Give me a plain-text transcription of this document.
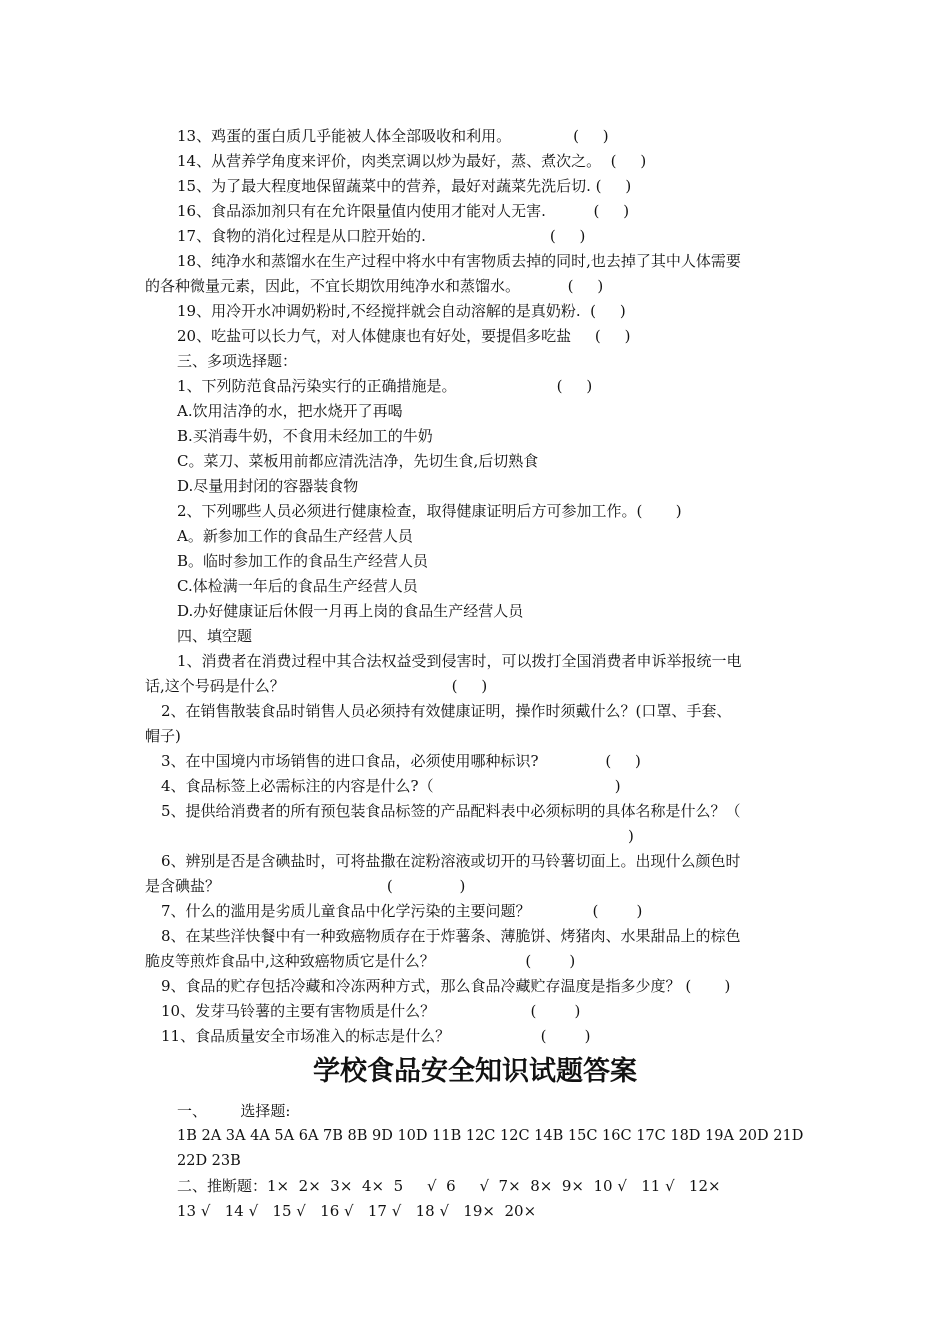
13、鸡蛋的蛋白质几乎能被人体全部吸收和利用。             (     )
14、从营养学角度来评价，肉类烹调以炒为最好，蒸、煮次之。  (     )
15、为了最大程度地保留蔬菜中的营养，最好对蔬菜先洗后切. (     )
16、食品添加剂只有在允许限量值内使用才能对人无害.          (     )
17、食物的消化过程是从口腔开始的.                          (     )
18、纯净水和蒸馏水在生产过程中将水中有害物质去掉的同时,也去掉了其中人体需要
的各种微量元素，因此，不宜长期饮用纯净水和蒸馏水。          (     )
19、用冷开水冲调奶粉时,不经搅拌就会自动溶解的是真奶粉.  (     )
20、吃盐可以长力气，对人体健康也有好处，要提倡多吃盐     (     )
三、多项选择题：
1、下列防范食品污染实行的正确措施是。                     (     )
A.饮用洁净的水，把水烧开了再喝
B.买消毒牛奶，不食用未经加工的牛奶
C。菜刀、菜板用前都应清洗洁净，先切生食,后切熟食
D.尽量用封闭的容器装食物
2、下列哪些人员必须进行健康检查，取得健康证明后方可参加工作。(       )
A。新参加工作的食品生产经营人员
B。临时参加工作的食品生产经营人员
C.体检满一年后的食品生产经营人员
D.办好健康证后休假一月再上岗的食品生产经营人员
四、填空题
1、消费者在消费过程中其合法权益受到侵害时，可以拨打全国消费者申诉举报统一电
话,这个号码是什么？                                   (     )
2、在销售散装食品时销售人员必须持有效健康证明，操作时须戴什么？(口罩、手套、
帽子)
3、在中国境内市场销售的进口食品，必须使用哪种标识?              (     )
4、食品标签上必需标注的内容是什么?（                                      )
5、提供给消费者的所有预包装食品标签的产品配料表中必须标明的具体名称是什么？（
)
6、辨别是否是含碘盐时，可将盐撒在淀粉溶液或切开的马铃薯切面上。出现什么颜色时
是含碘盐？                                   (              )
7、什么的滥用是劣质儿童食品中化学污染的主要问题？             (        )
8、在某些洋快餐中有一种致癌物质存在于炸薯条、薄脆饼、烤猪肉、水果甜品上的棕色
脆皮等煎炸食品中,这种致癌物质它是什么？                   (        )
9、食品的贮存包括冷藏和冷冻两种方式，那么食品冷藏贮存温度是指多少度？ (       )
10、发芽马铃薯的主要有害物质是什么？                    (        )
11、食品质量安全市场准入的标志是什么？                   (        )
学校食品安全知识试题答案
一、       选择题:
1B 2A 3A 4A 5A 6A 7B 8B 9D 10D 11B 12C 12C 14B 15C 16C 17C 18D 19A 20D 21D
22D 23B
二、推断题：1×  2×  3×  4×  5     √  6     √  7×  8×  9×  10 √   11 √   12×
13 √   14 √   15 √   16 √   17 √   18 √   19×  20×
